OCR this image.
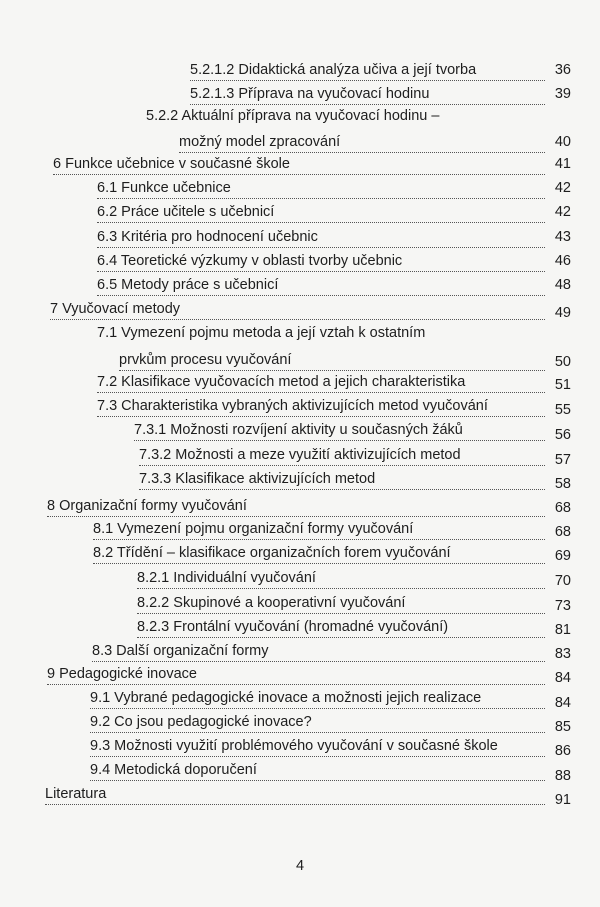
5.2.1.2 Didaktická analýza učiva a její tvorba	36
5.2.1.3 Příprava na vyučovací hodinu	39
5.2.2 Aktuální příprava na vyučovací hodinu –
možný model zpracování	40
6 Funkce učebnice v současné škole	41
6.1 Funkce učebnice	42
6.2 Práce učitele s učebnicí	42
6.3 Kritéria pro hodnocení učebnic	43
6.4 Teoretické výzkumy v oblasti tvorby učebnic	46
6.5 Metody práce s učebnicí	48
7 Vyučovací metody	49
7.1 Vymezení pojmu metoda a její vztah k ostatním
prvkům procesu vyučování	50
7.2 Klasifikace vyučovacích metod a jejich charakteristika	51
7.3 Charakteristika vybraných aktivizujících metod vyučování	55
7.3.1 Možnosti rozvíjení aktivity u současných žáků	56
7.3.2 Možnosti a meze využití aktivizujících metod	57
7.3.3 Klasifikace aktivizujících metod	58
8 Organizační formy vyučování	68
8.1 Vymezení pojmu organizační formy vyučování	68
8.2 Třídění – klasifikace organizačních forem vyučování	69
8.2.1 Individuální vyučování	70
8.2.2 Skupinové a kooperativní vyučování	73
8.2.3 Frontální vyučování (hromadné vyučování)	81
8.3 Další organizační formy	83
9 Pedagogické inovace	84
9.1 Vybrané pedagogické inovace a možnosti jejich realizace	84
9.2 Co jsou pedagogické inovace?	85
9.3 Možnosti využití problémového vyučování v současné škole	86
9.4 Metodická doporučení	88
Literatura	91
4
